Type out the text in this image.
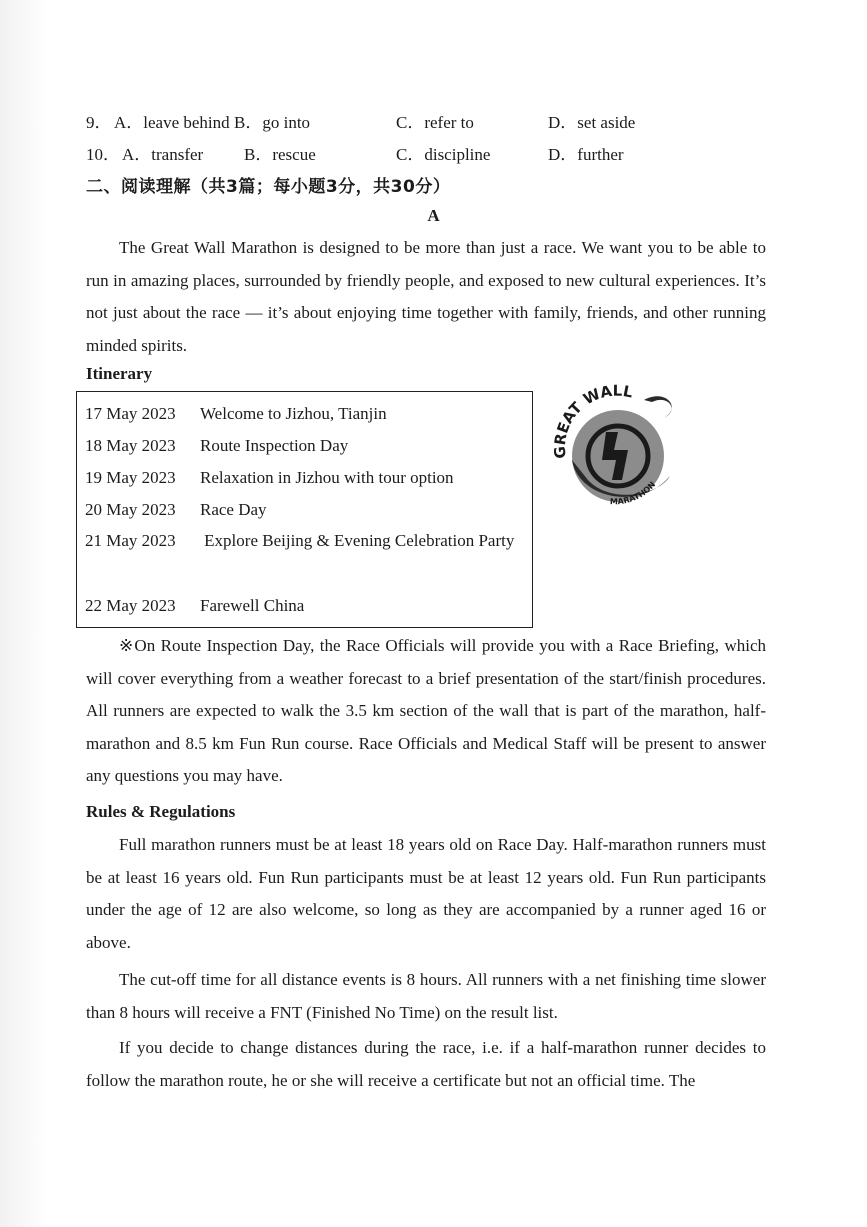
9． A．leave behind B．go into	C．refer to	D．set aside
10． A．transfer B．rescue	C．discipline	D．further
二、阅读理解（共3篇；每小题3分，共30分）
A

The Great Wall Marathon is designed to be more than just a race. We want you to be able to run in amazing places, surrounded by friendly people, and exposed to new cultural experiences. It’s not just about the race — it’s about enjoying time together with family, friends, and other running minded spirits.

Itinerary
17 May 2023 Welcome to Jizhou, Tianjin
18 May 2023 Route Inspection Day
19 May 2023 Relaxation in Jizhou with tour option
20 May 2023 Race Day
21 May 2023 Explore Beijing & Evening Celebration Party
22 May 2023 Farewell China
GREAT WALL
MARATHON

※On Route Inspection Day, the Race Officials will provide you with a Race Briefing, which will cover everything from a weather forecast to a brief presentation of the start/finish procedures. All runners are expected to walk the 3.5 km section of the wall that is part of the marathon, half-marathon and 8.5 km Fun Run course. Race Officials and Medical Staff will be present to answer any questions you may have.

Rules & Regulations

Full marathon runners must be at least 18 years old on Race Day. Half-marathon runners must be at least 16 years old. Fun Run participants must be at least 12 years old. Fun Run participants under the age of 12 are also welcome, so long as they are accompanied by a runner aged 16 or above.

The cut-off time for all distance events is 8 hours. All runners with a net finishing time slower than 8 hours will receive a FNT (Finished No Time) on the result list.

If you decide to change distances during the race, i.e. if a half-marathon runner decides to follow the marathon route, he or she will receive a certificate but not an official time. The
